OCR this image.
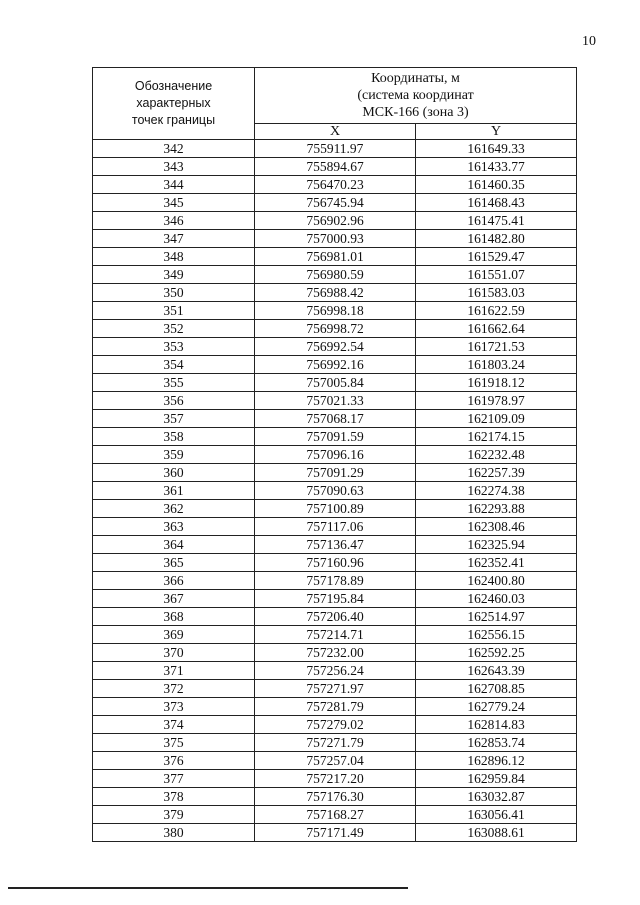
10
Обозначение
характерных
точек границы	Координаты, м
(система координат
МСК-166 (зона 3)	
	X	Y
342	755911.97	161649.33
343	755894.67	161433.77
344	756470.23	161460.35
345	756745.94	161468.43
346	756902.96	161475.41
347	757000.93	161482.80
348	756981.01	161529.47
349	756980.59	161551.07
350	756988.42	161583.03
351	756998.18	161622.59
352	756998.72	161662.64
353	756992.54	161721.53
354	756992.16	161803.24
355	757005.84	161918.12
356	757021.33	161978.97
357	757068.17	162109.09
358	757091.59	162174.15
359	757096.16	162232.48
360	757091.29	162257.39
361	757090.63	162274.38
362	757100.89	162293.88
363	757117.06	162308.46
364	757136.47	162325.94
365	757160.96	162352.41
366	757178.89	162400.80
367	757195.84	162460.03
368	757206.40	162514.97
369	757214.71	162556.15
370	757232.00	162592.25
371	757256.24	162643.39
372	757271.97	162708.85
373	757281.79	162779.24
374	757279.02	162814.83
375	757271.79	162853.74
376	757257.04	162896.12
377	757217.20	162959.84
378	757176.30	163032.87
379	757168.27	163056.41
380	757171.49	163088.61
